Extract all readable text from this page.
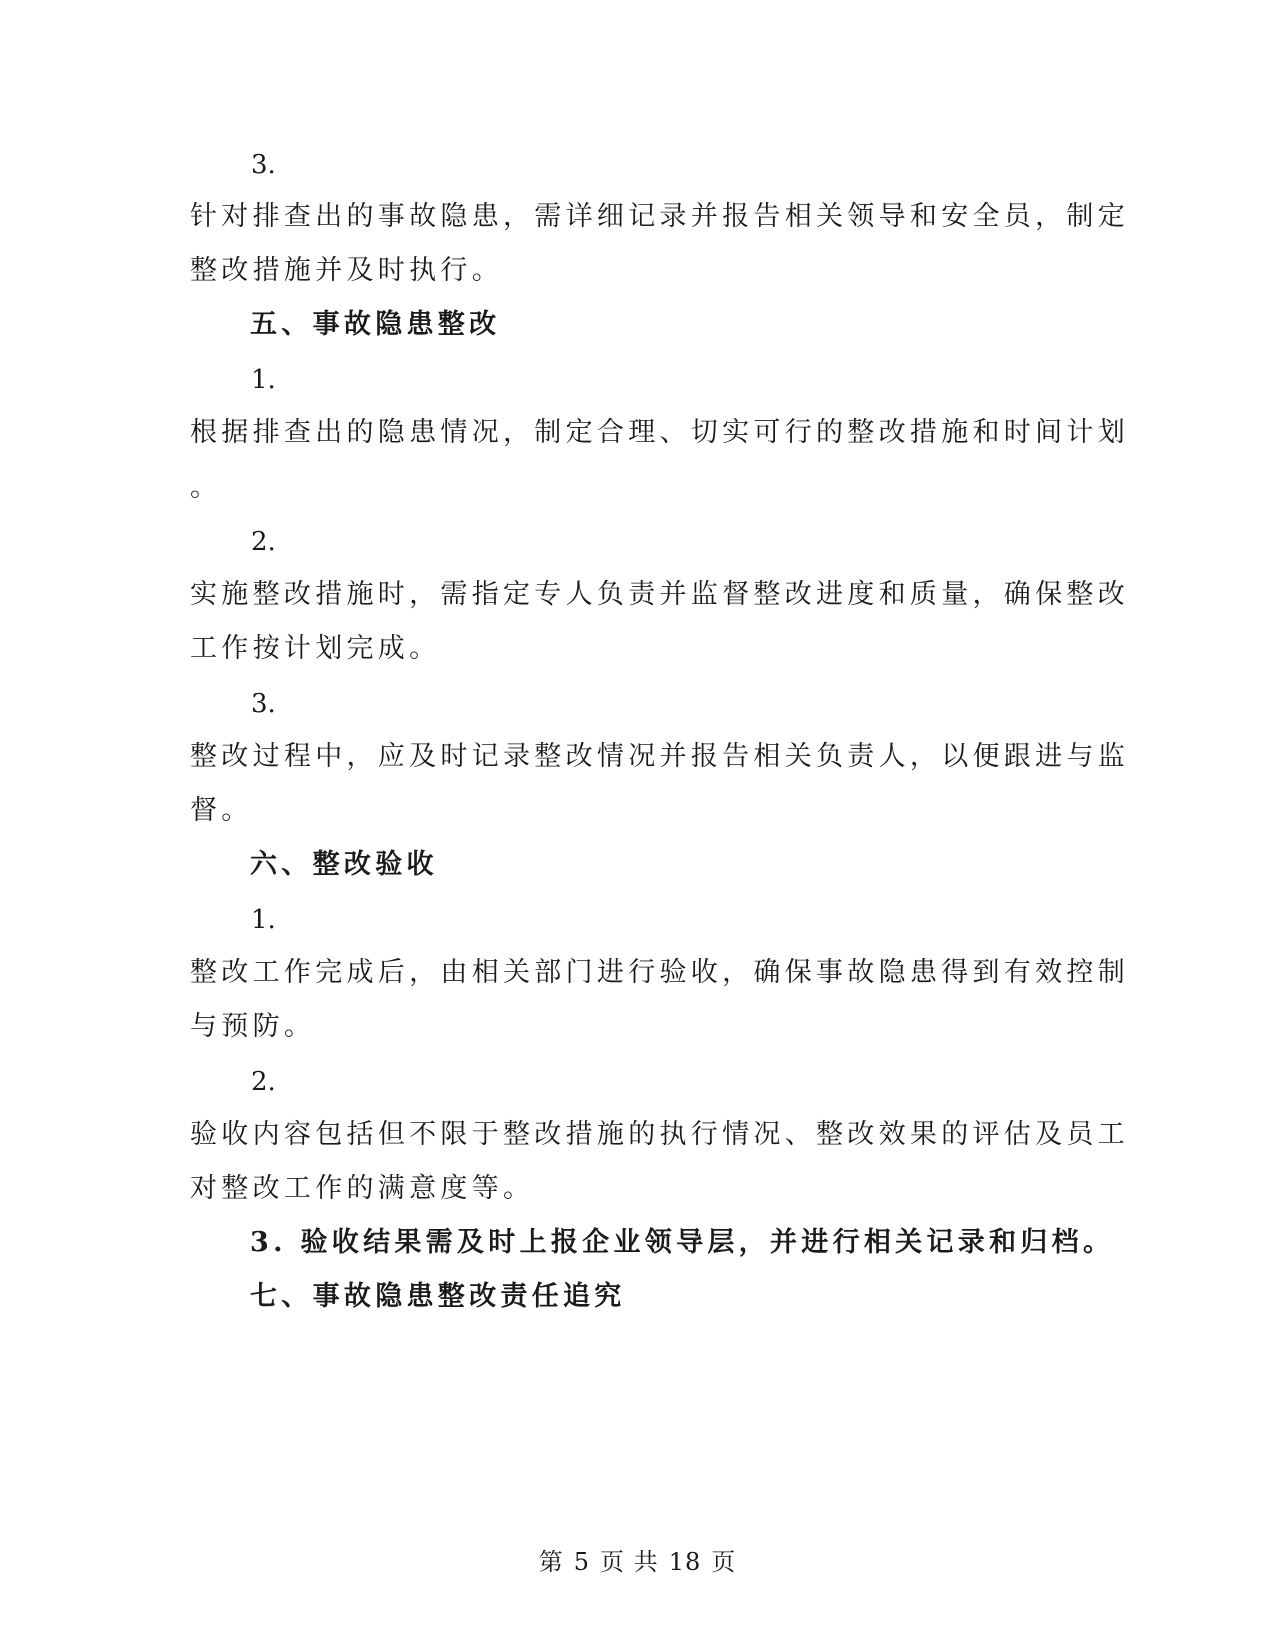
3.
针对排查出的事故隐患，需详细记录并报告相关领导和安全员，制定
整改措施并及时执行。
五、事故隐患整改
1.
根据排查出的隐患情况，制定合理、切实可行的整改措施和时间计划
。
2.
实施整改措施时，需指定专人负责并监督整改进度和质量，确保整改
工作按计划完成。
3.
整改过程中，应及时记录整改情况并报告相关负责人，以便跟进与监
督。
六、整改验收
1.
整改工作完成后，由相关部门进行验收，确保事故隐患得到有效控制
与预防。
2.
验收内容包括但不限于整改措施的执行情况、整改效果的评估及员工
对整改工作的满意度等。
3. 验收结果需及时上报企业领导层，并进行相关记录和归档。
七、事故隐患整改责任追究
第 5 页 共 18 页
